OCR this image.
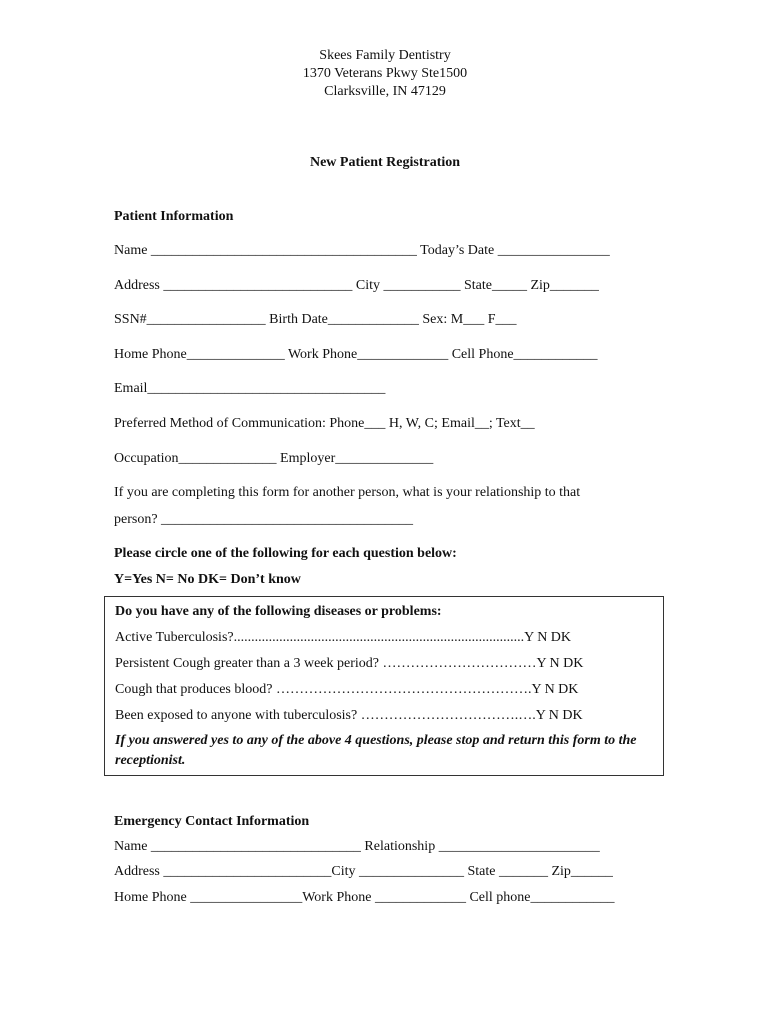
Skees Family Dentistry
1370 Veterans Pkwy Ste1500
Clarksville, IN 47129
New Patient Registration
Patient Information
Name ______________________________________ Today’s Date ________________
Address ___________________________ City ___________ State_____ Zip_______
SSN#_________________ Birth Date_____________ Sex: M___ F___
Home Phone______________ Work Phone_____________ Cell Phone____________
Email__________________________________
Preferred Method of Communication: Phone___ H, W, C; Email__; Text__
Occupation______________ Employer______________
If you are completing this form for another person, what is your relationship to that
person? ____________________________________
Please circle one of the following for each question below:
Y=Yes N= No DK= Don’t know
Do you have any of the following diseases or problems:
Active Tuberculosis?...................................................................................Y N DK
Persistent Cough greater than a 3 week period? ……………………………Y N DK
Cough that produces blood? ……………………………………………….Y N DK
Been exposed to anyone with tuberculosis? …………………………….….Y N DK
If you answered yes to any of the above 4 questions, please stop and return this form to the receptionist.
Emergency Contact Information
Name ______________________________ Relationship _______________________
Address ________________________City _______________ State _______ Zip______
Home Phone ________________Work Phone _____________ Cell phone____________
